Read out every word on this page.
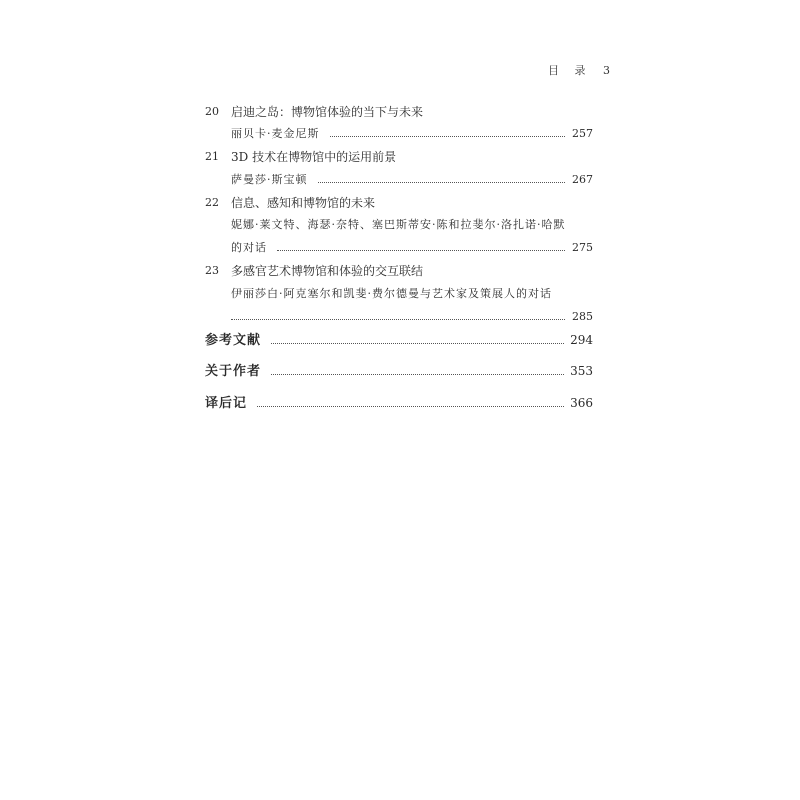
目 录 3
20	启迪之岛：博物馆体验的当下与未来
丽贝卡·麦金尼斯	257
21	3D 技术在博物馆中的运用前景
萨曼莎·斯宝顿	267
22	信息、感知和博物馆的未来
妮娜·莱文特、海瑟·奈特、塞巴斯蒂安·陈和拉斐尔·洛扎诺·哈默
的对话	275
23	多感官艺术博物馆和体验的交互联结
伊丽莎白·阿克塞尔和凯斐·费尔德曼与艺术家及策展人的对话
285
参考文献	294
关于作者	353
译后记	366
